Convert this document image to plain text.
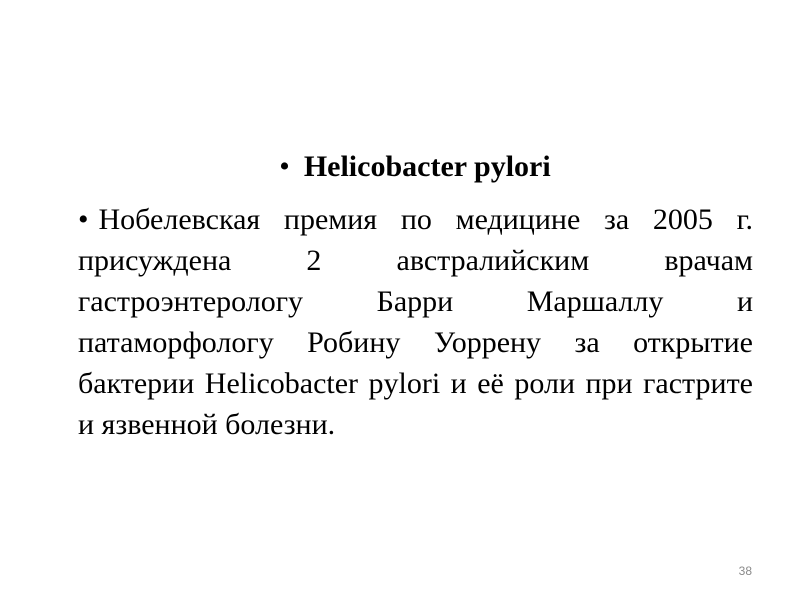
• Helicobacter pylori
• Нобелевская премия по медицине за 2005 г. присуждена 2 австралийским врачам гастроэнтерологу Барри Маршаллу и патаморфологу Робину Уоррену за открытие бактерии Helicobacter pylori и её роли при гастрите и язвенной болезни.
38
